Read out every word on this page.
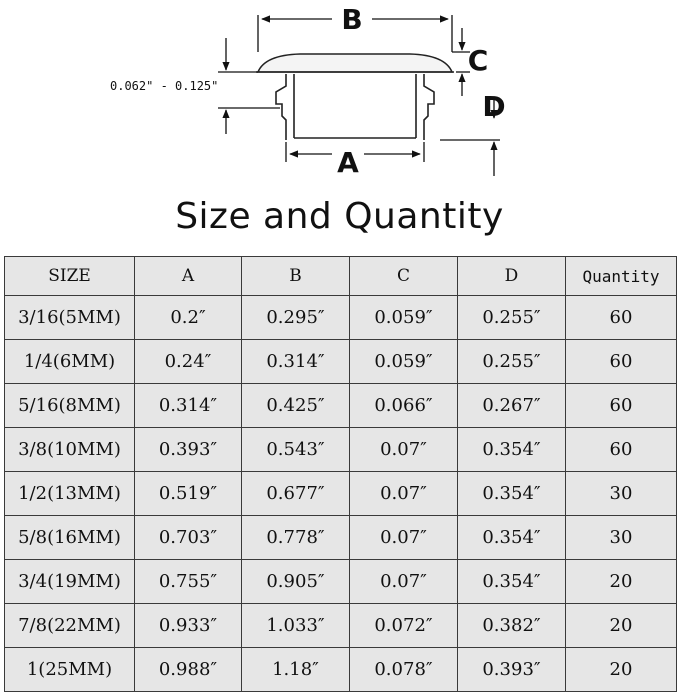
B
C
D
A
0.062" - 0.125"
Size and Quantity
SIZE	A	B	C	D	Quantity
3/16(5MM)	0.2″	0.295″	0.059″	0.255″	60
1/4(6MM)	0.24″	0.314″	0.059″	0.255″	60
5/16(8MM)	0.314″	0.425″	0.066″	0.267″	60
3/8(10MM)	0.393″	0.543″	0.07″	0.354″	60
1/2(13MM)	0.519″	0.677″	0.07″	0.354″	30
5/8(16MM)	0.703″	0.778″	0.07″	0.354″	30
3/4(19MM)	0.755″	0.905″	0.07″	0.354″	20
7/8(22MM)	0.933″	1.033″	0.072″	0.382″	20
1(25MM)	0.988″	1.18″	0.078″	0.393″	20
